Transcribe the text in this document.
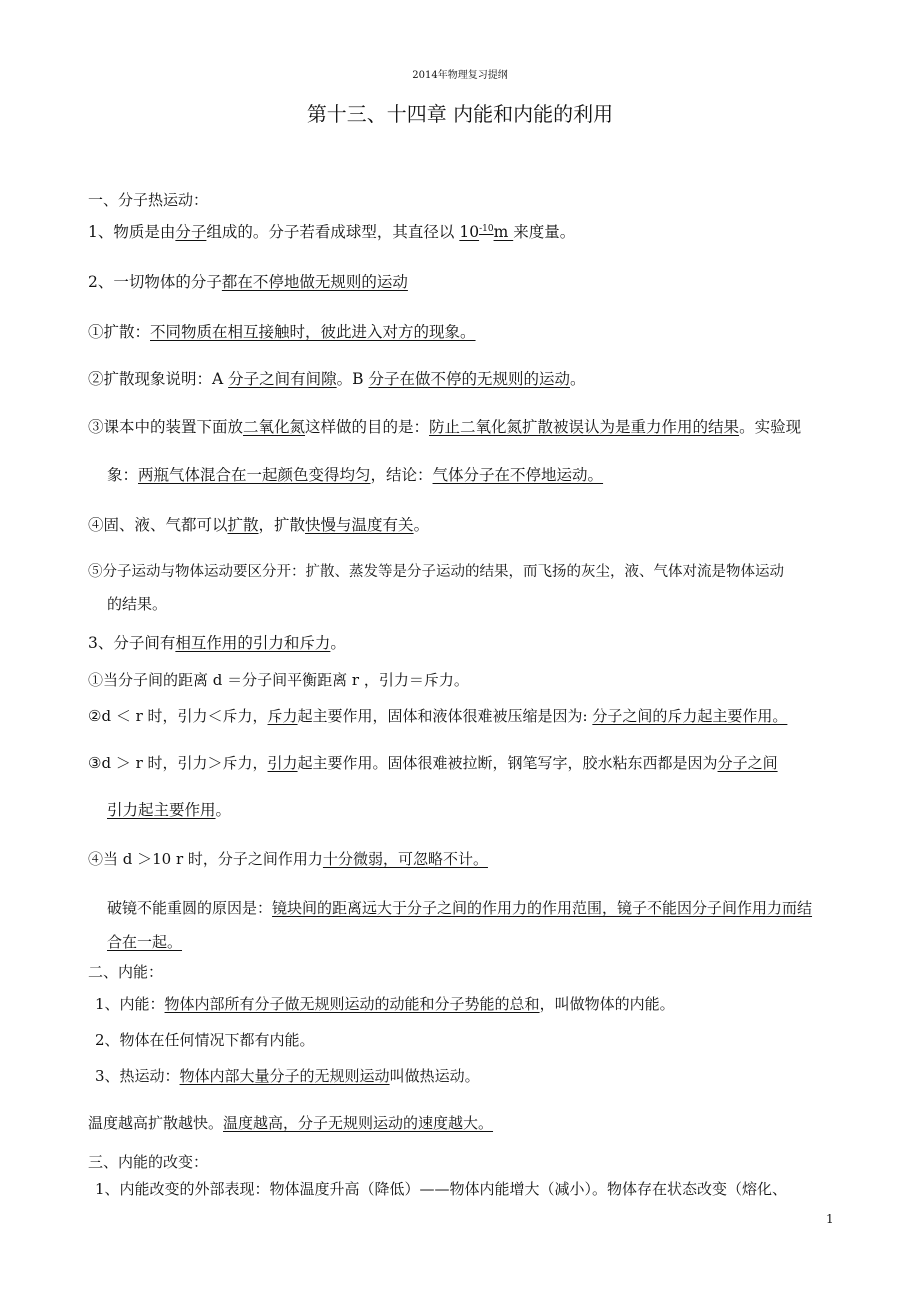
2014年物理复习提纲
第十三、十四章 内能和内能的利用
一、分子热运动：
1、物质是由分子组成的。分子若看成球型，其直径以 $10^{-10}m$ 来度量。
2、一切物体的分子都在不停地做无规则的运动
①扩散：不同物质在相互接触时，彼此进入对方的现象。
②扩散现象说明：A 分子之间有间隙。B 分子在做不停的无规则的运动。
③课本中的装置下面放二氧化氮这样做的目的是：防止二氧化氮扩散被误认为是重力作用的结果。实验现
象：两瓶气体混合在一起颜色变得均匀，结论：气体分子在不停地运动。
④固、液、气都可以扩散，扩散快慢与温度有关。
⑤分子运动与物体运动要区分开：扩散、蒸发等是分子运动的结果，而飞扬的灰尘，液、气体对流是物体运动
的结果。
3、分子间有相互作用的引力和斥力。
①当分子间的距离 d ＝分子间平衡距离 r ，引力＝斥力。
②d ＜ r 时，引力＜斥力，斥力起主要作用，固体和液体很难被压缩是因为: 分子之间的斥力起主要作用。
③d ＞ r 时，引力＞斥力，引力起主要作用。固体很难被拉断，钢笔写字，胶水粘东西都是因为分子之间
引力起主要作用。
④当 d ＞10 r 时，分子之间作用力十分微弱，可忽略不计。
破镜不能重圆的原因是：镜块间的距离远大于分子之间的作用力的作用范围，镜子不能因分子间作用力而结
合在一起。
二、内能：
1、内能：物体内部所有分子做无规则运动的动能和分子势能的总和，叫做物体的内能。
2、物体在任何情况下都有内能。
3、热运动：物体内部大量分子的无规则运动叫做热运动。
温度越高扩散越快。温度越高，分子无规则运动的速度越大。
三、内能的改变：
1、内能改变的外部表现：物体温度升高（降低）——物体内能增大（减小）。物体存在状态改变（熔化、
1
